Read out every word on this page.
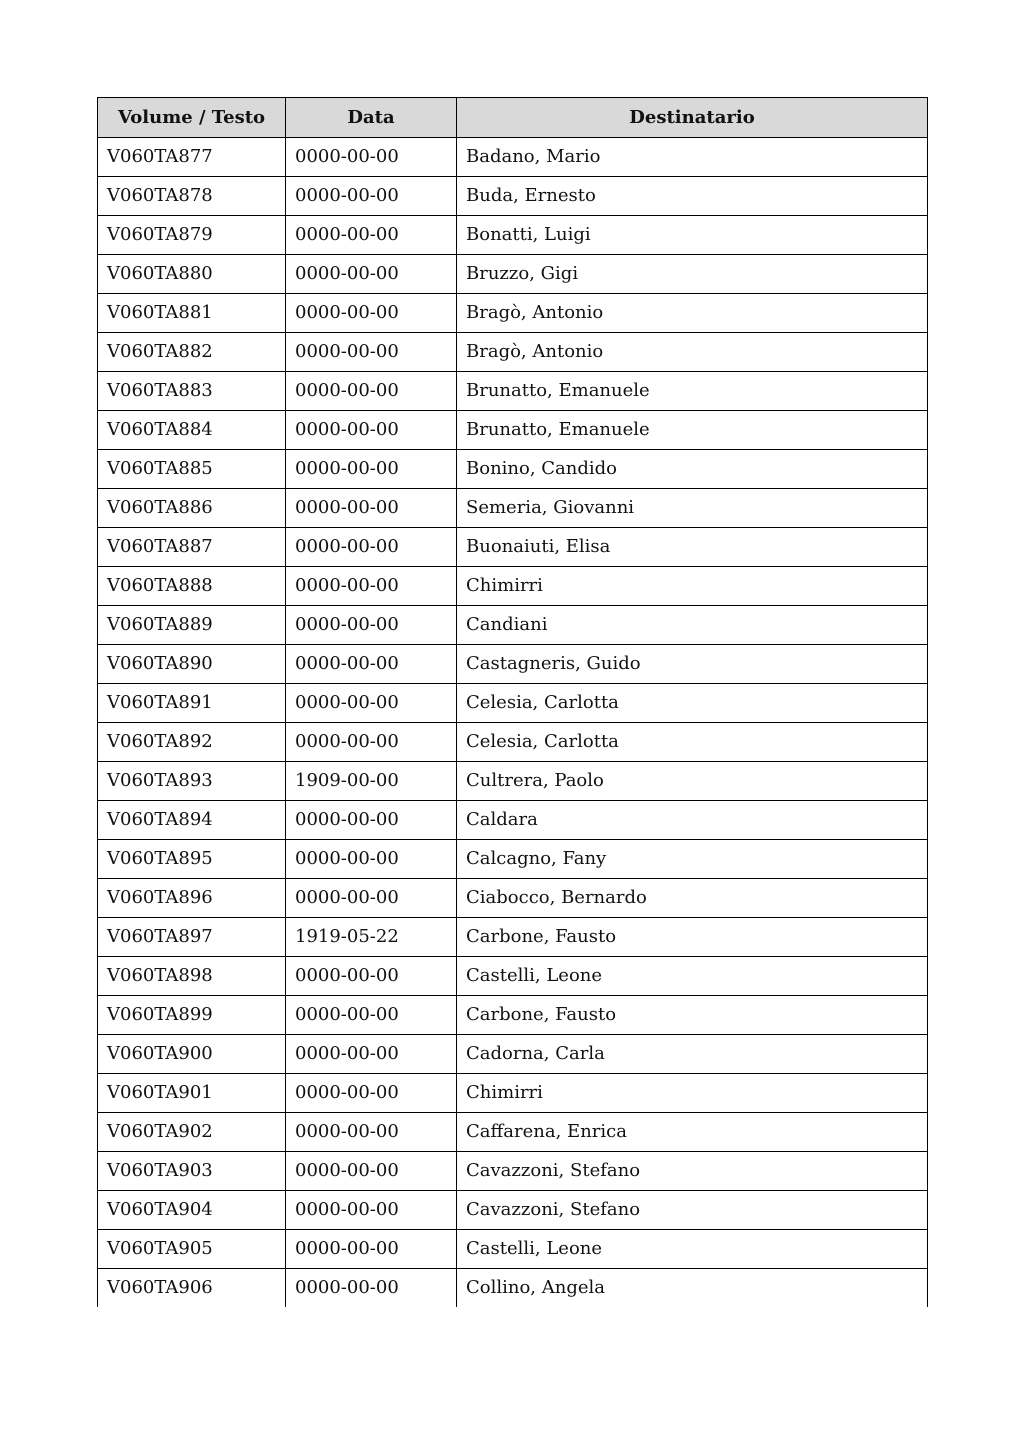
Volume / Testo	Data	Destinatario
V060TA877	0000-00-00	Badano, Mario
V060TA878	0000-00-00	Buda, Ernesto
V060TA879	0000-00-00	Bonatti, Luigi
V060TA880	0000-00-00	Bruzzo, Gigi
V060TA881	0000-00-00	Bragò, Antonio
V060TA882	0000-00-00	Bragò, Antonio
V060TA883	0000-00-00	Brunatto, Emanuele
V060TA884	0000-00-00	Brunatto, Emanuele
V060TA885	0000-00-00	Bonino, Candido
V060TA886	0000-00-00	Semeria, Giovanni
V060TA887	0000-00-00	Buonaiuti, Elisa
V060TA888	0000-00-00	Chimirri
V060TA889	0000-00-00	Candiani
V060TA890	0000-00-00	Castagneris, Guido
V060TA891	0000-00-00	Celesia, Carlotta
V060TA892	0000-00-00	Celesia, Carlotta
V060TA893	1909-00-00	Cultrera, Paolo
V060TA894	0000-00-00	Caldara
V060TA895	0000-00-00	Calcagno, Fany
V060TA896	0000-00-00	Ciabocco, Bernardo
V060TA897	1919-05-22	Carbone, Fausto
V060TA898	0000-00-00	Castelli, Leone
V060TA899	0000-00-00	Carbone, Fausto
V060TA900	0000-00-00	Cadorna, Carla
V060TA901	0000-00-00	Chimirri
V060TA902	0000-00-00	Caffarena, Enrica
V060TA903	0000-00-00	Cavazzoni, Stefano
V060TA904	0000-00-00	Cavazzoni, Stefano
V060TA905	0000-00-00	Castelli, Leone
V060TA906	0000-00-00	Collino, Angela
